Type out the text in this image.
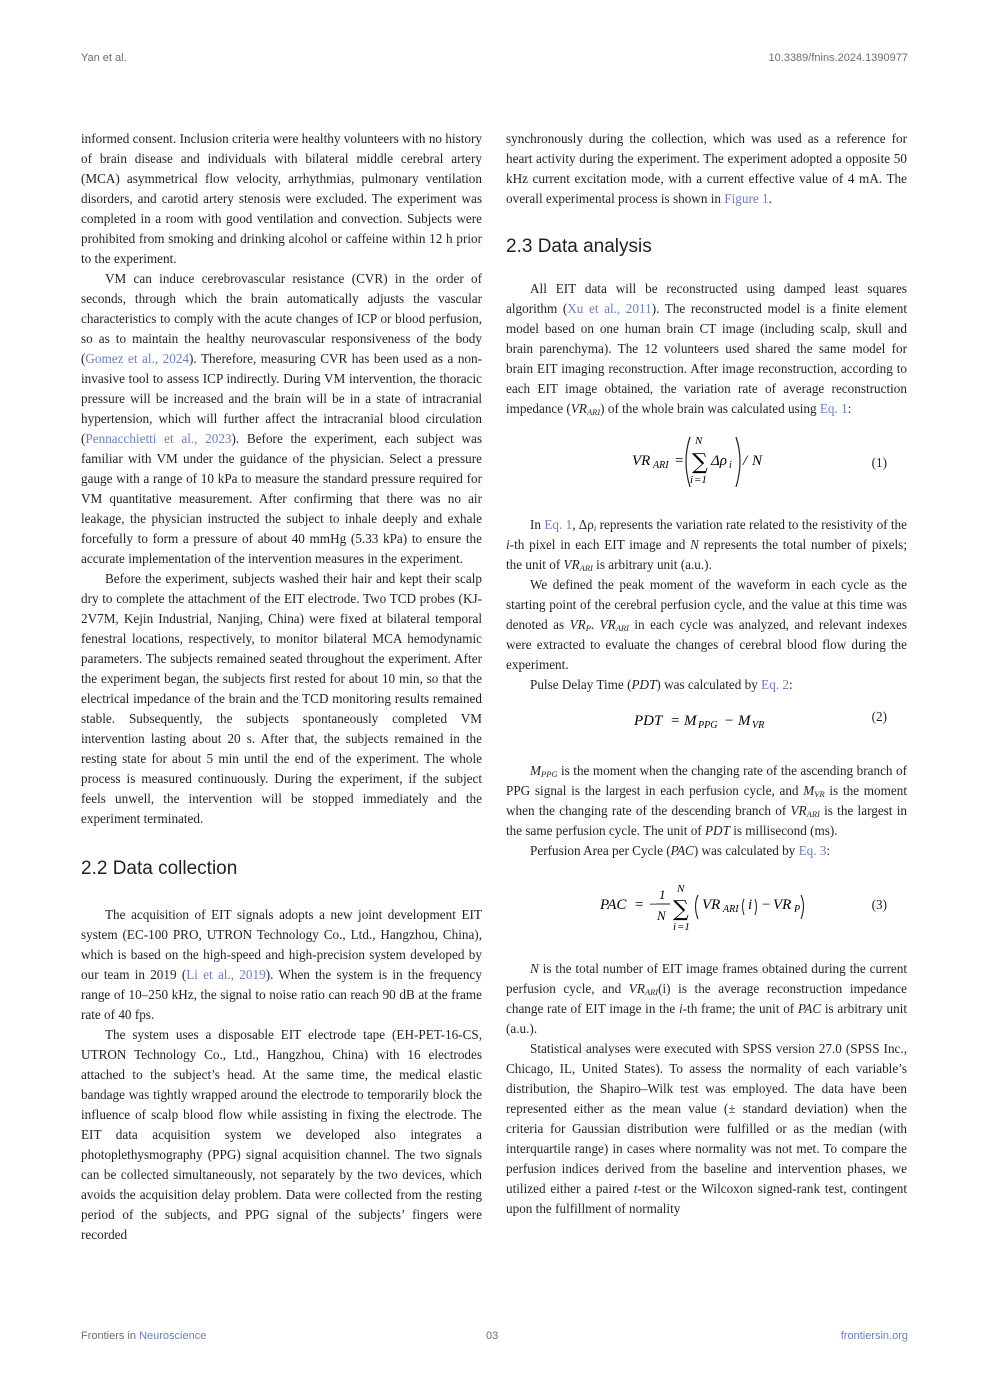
Yan et al.	10.3389/fnins.2024.1390977

informed consent. Inclusion criteria were healthy volunteers with no history of brain disease and individuals with bilateral middle cerebral artery (MCA) asymmetrical flow velocity, arrhythmias, pulmonary ventilation disorders, and carotid artery stenosis were excluded. The experiment was completed in a room with good ventilation and convection. Subjects were prohibited from smoking and drinking alcohol or caffeine within 12 h prior to the experiment.

VM can induce cerebrovascular resistance (CVR) in the order of seconds, through which the brain automatically adjusts the vascular characteristics to comply with the acute changes of ICP or blood perfusion, so as to maintain the healthy neurovascular responsiveness of the body (Gomez et al., 2024). Therefore, measuring CVR has been used as a non-invasive tool to assess ICP indirectly. During VM intervention, the thoracic pressure will be increased and the brain will be in a state of intracranial hypertension, which will further affect the intracranial blood circulation (Pennacchietti et al., 2023). Before the experiment, each subject was familiar with VM under the guidance of the physician. Select a pressure gauge with a range of 10 kPa to measure the standard pressure required for VM quantitative measurement. After confirming that there was no air leakage, the physician instructed the subject to inhale deeply and exhale forcefully to form a pressure of about 40 mmHg (5.33 kPa) to ensure the accurate implementation of the intervention measures in the experiment.

Before the experiment, subjects washed their hair and kept their scalp dry to complete the attachment of the EIT electrode. Two TCD probes (KJ-2V7M, Kejin Industrial, Nanjing, China) were fixed at bilateral temporal fenestral locations, respectively, to monitor bilateral MCA hemodynamic parameters. The subjects remained seated throughout the experiment. After the experiment began, the subjects first rested for about 10 min, so that the electrical impedance of the brain and the TCD monitoring results remained stable. Subsequently, the subjects spontaneously completed VM intervention lasting about 20 s. After that, the subjects remained in the resting state for about 5 min until the end of the experiment. The whole process is measured continuously. During the experiment, if the subject feels unwell, the intervention will be stopped immediately and the experiment terminated.

2.2 Data collection

The acquisition of EIT signals adopts a new joint development EIT system (EC-100 PRO, UTRON Technology Co., Ltd., Hangzhou, China), which is based on the high-speed and high-precision system developed by our team in 2019 (Li et al., 2019). When the system is in the frequency range of 10–250 kHz, the signal to noise ratio can reach 90 dB at the frame rate of 40 fps.

The system uses a disposable EIT electrode tape (EH-PET-16-CS, UTRON Technology Co., Ltd., Hangzhou, China) with 16 electrodes attached to the subject’s head. At the same time, the medical elastic bandage was tightly wrapped around the electrode to temporarily block the influence of scalp blood flow while assisting in fixing the electrode. The EIT data acquisition system we developed also integrates a photoplethysmography (PPG) signal acquisition channel. The two signals can be collected simultaneously, not separately by the two devices, which avoids the acquisition delay problem. Data were collected from the resting period of the subjects, and PPG signal of the subjects’ fingers were recorded

synchronously during the collection, which was used as a reference for heart activity during the experiment. The experiment adopted a opposite 50 kHz current excitation mode, with a current effective value of 4 mA. The overall experimental process is shown in Figure 1.

2.3 Data analysis

All EIT data will be reconstructed using damped least squares algorithm (Xu et al., 2011). The reconstructed model is a finite element model based on one human brain CT image (including scalp, skull and brain parenchyma). The 12 volunteers used shared the same model for brain EIT imaging reconstruction. After image reconstruction, according to each EIT image obtained, the variation rate of average reconstruction impedance $(VR_{ARI})$ of the whole brain was calculated using Eq. 1:

VR ARI =
N
∑
i =1
Δρ i / N	(1)

In Eq. 1, $\Delta\rho_i$ represents the variation rate related to the resistivity of the i-th pixel in each EIT image and N represents the total number of pixels; the unit of $VR_{ARI}$ is arbitrary unit (a.u.).

We defined the peak moment of the waveform in each cycle as the starting point of the cerebral perfusion cycle, and the value at this time was denoted as $VR_P$. $VR_{ARI}$ in each cycle was analyzed, and relevant indexes were extracted to evaluate the changes of cerebral blood flow during the experiment.

Pulse Delay Time (PDT) was calculated by Eq. 2:

PDT = M PPG − M VR
(2)

$M_{PPG}$ is the moment when the changing rate of the ascending branch of PPG signal is the largest in each perfusion cycle, and $M_{VR}$ is the moment when the changing rate of the descending branch of $VR_{ARI}$ is the largest in the same perfusion cycle. The unit of PDT is millisecond (ms).

Perfusion Area per Cycle (PAC) was calculated by Eq. 3:

PAC = −
1
N
N
∑
i =1
VR ARI i − VR P	(3)

N is the total number of EIT image frames obtained during the current perfusion cycle, and $VR_{ARI}(i)$ is the average reconstruction impedance change rate of EIT image in the i-th frame; the unit of PAC is arbitrary unit (a.u.).

Statistical analyses were executed with SPSS version 27.0 (SPSS Inc., Chicago, IL, United States). To assess the normality of each variable’s distribution, the Shapiro–Wilk test was employed. The data have been represented either as the mean value (± standard deviation) when the criteria for Gaussian distribution were fulfilled or as the median (with interquartile range) in cases where normality was not met. To compare the perfusion indices derived from the baseline and intervention phases, we utilized either a paired t-test or the Wilcoxon signed-rank test, contingent upon the fulfillment of normality

Frontiers in Neuroscience	03	frontiersin.org
